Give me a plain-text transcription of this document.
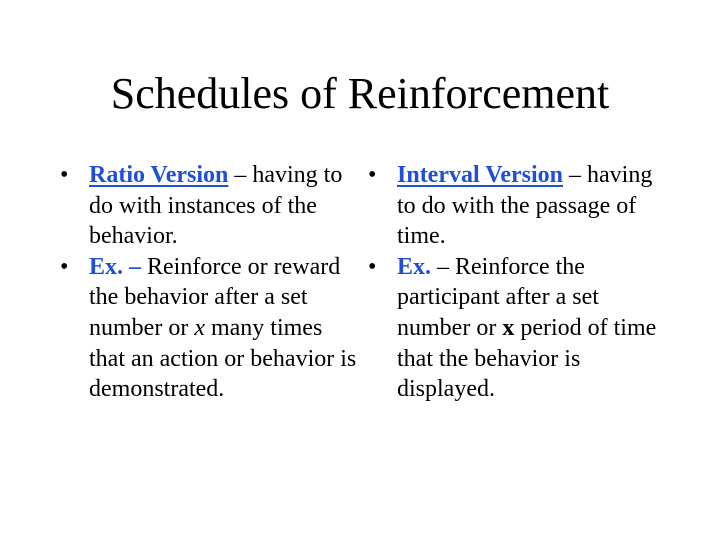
Schedules of Reinforcement
• Ratio Version – having to do with instances of the behavior.
• Ex. – Reinforce or reward the behavior after a set number or x many times that an action or behavior is demonstrated.
• Interval Version – having to do with the passage of time.
• Ex. – Reinforce the participant after a set number or x period of time that the behavior is displayed.
